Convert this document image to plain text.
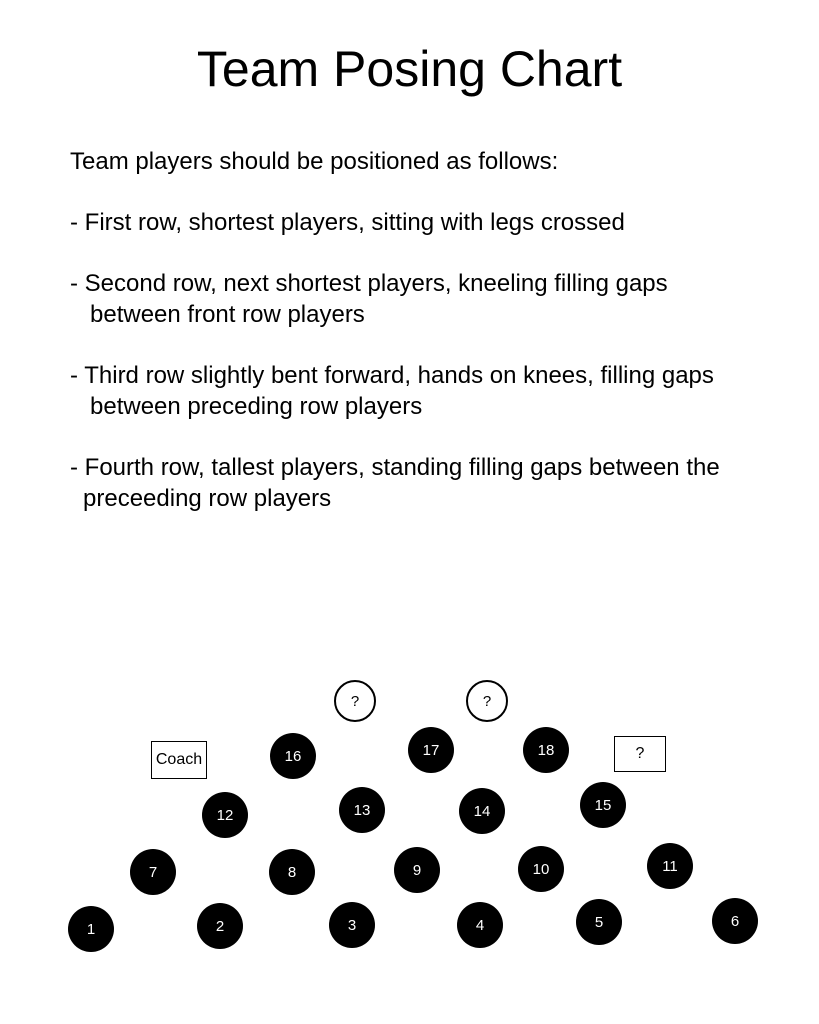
Team Posing Chart

Team players should be positioned as follows:

- First row, shortest players, sitting with legs crossed

- Second row, next shortest players, kneeling filling gaps
between front row players

- Third row slightly bent forward, hands on knees, filling gaps
between preceding row players

- Fourth row, tallest players, standing filling gaps between the
preceeding row players

?	?
Coach	16	17	18	?
12	13	14	15
7	8	9	10	11
1	2	3	4	5	6
